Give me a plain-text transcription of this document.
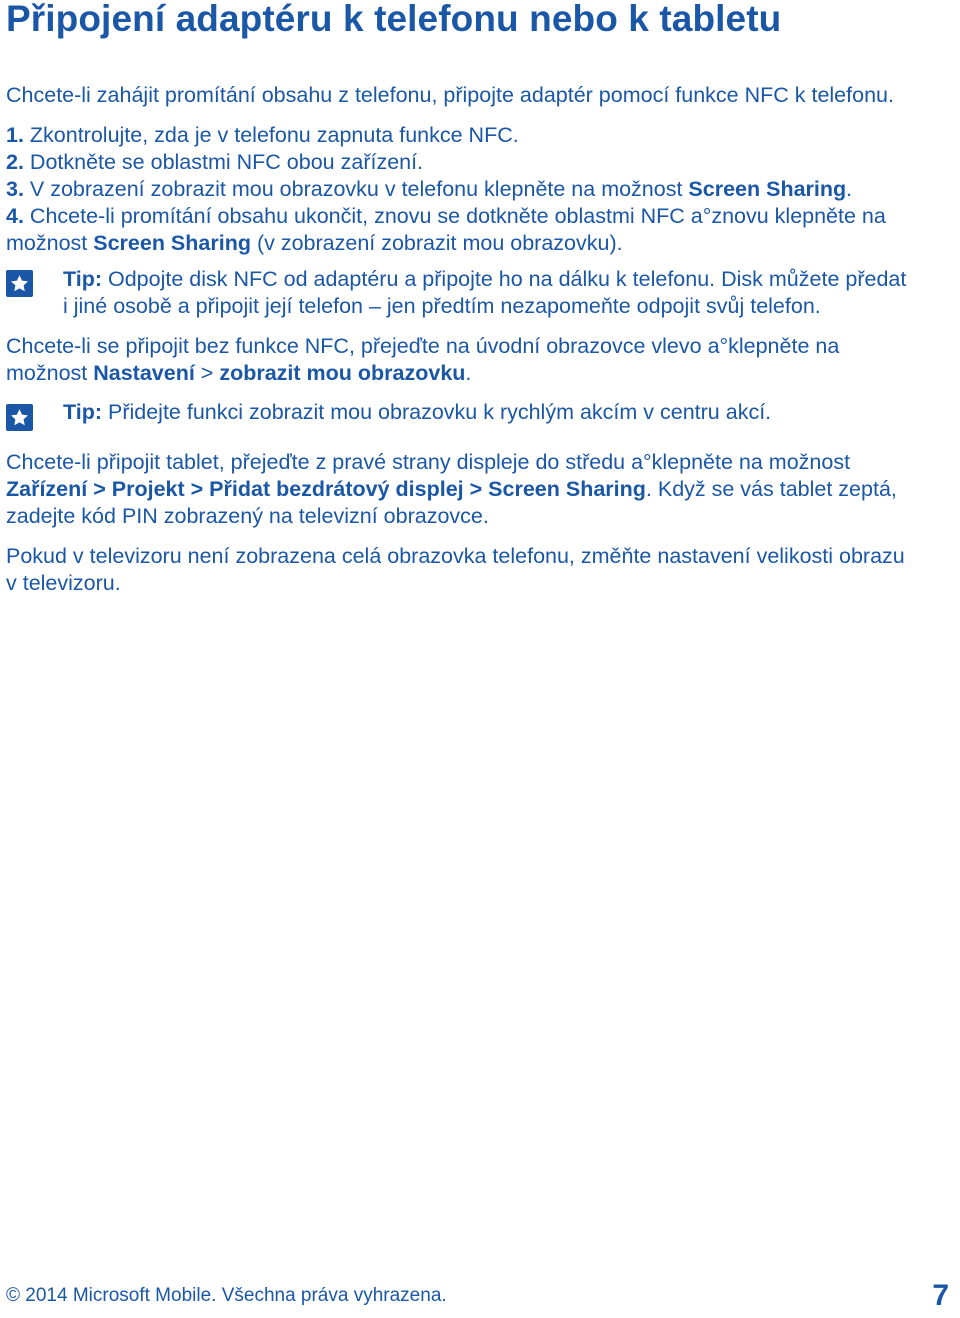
Připojení adaptéru k telefonu nebo k tabletu
Chcete-li zahájit promítání obsahu z telefonu, připojte adaptér pomocí funkce NFC k telefonu.
1. Zkontrolujte, zda je v telefonu zapnuta funkce NFC.
2. Dotkněte se oblastmi NFC obou zařízení.
3. V zobrazení zobrazit mou obrazovku v telefonu klepněte na možnost Screen Sharing.
4. Chcete-li promítání obsahu ukončit, znovu se dotkněte oblastmi NFC a°znovu klepněte na
možnost Screen Sharing (v zobrazení zobrazit mou obrazovku).
Tip: Odpojte disk NFC od adaptéru a připojte ho na dálku k telefonu. Disk můžete předat
i jiné osobě a připojit její telefon – jen předtím nezapomeňte odpojit svůj telefon.
Chcete-li se připojit bez funkce NFC, přejeďte na úvodní obrazovce vlevo a°klepněte na
možnost Nastavení > zobrazit mou obrazovku.
Tip: Přidejte funkci zobrazit mou obrazovku k rychlým akcím v centru akcí.
Chcete-li připojit tablet, přejeďte z pravé strany displeje do středu a°klepněte na možnost
Zařízení > Projekt > Přidat bezdrátový displej > Screen Sharing. Když se vás tablet zeptá,
zadejte kód PIN zobrazený na televizní obrazovce.
Pokud v televizoru není zobrazena celá obrazovka telefonu, změňte nastavení velikosti obrazu
v televizoru.
© 2014 Microsoft Mobile. Všechna práva vyhrazena.	7
